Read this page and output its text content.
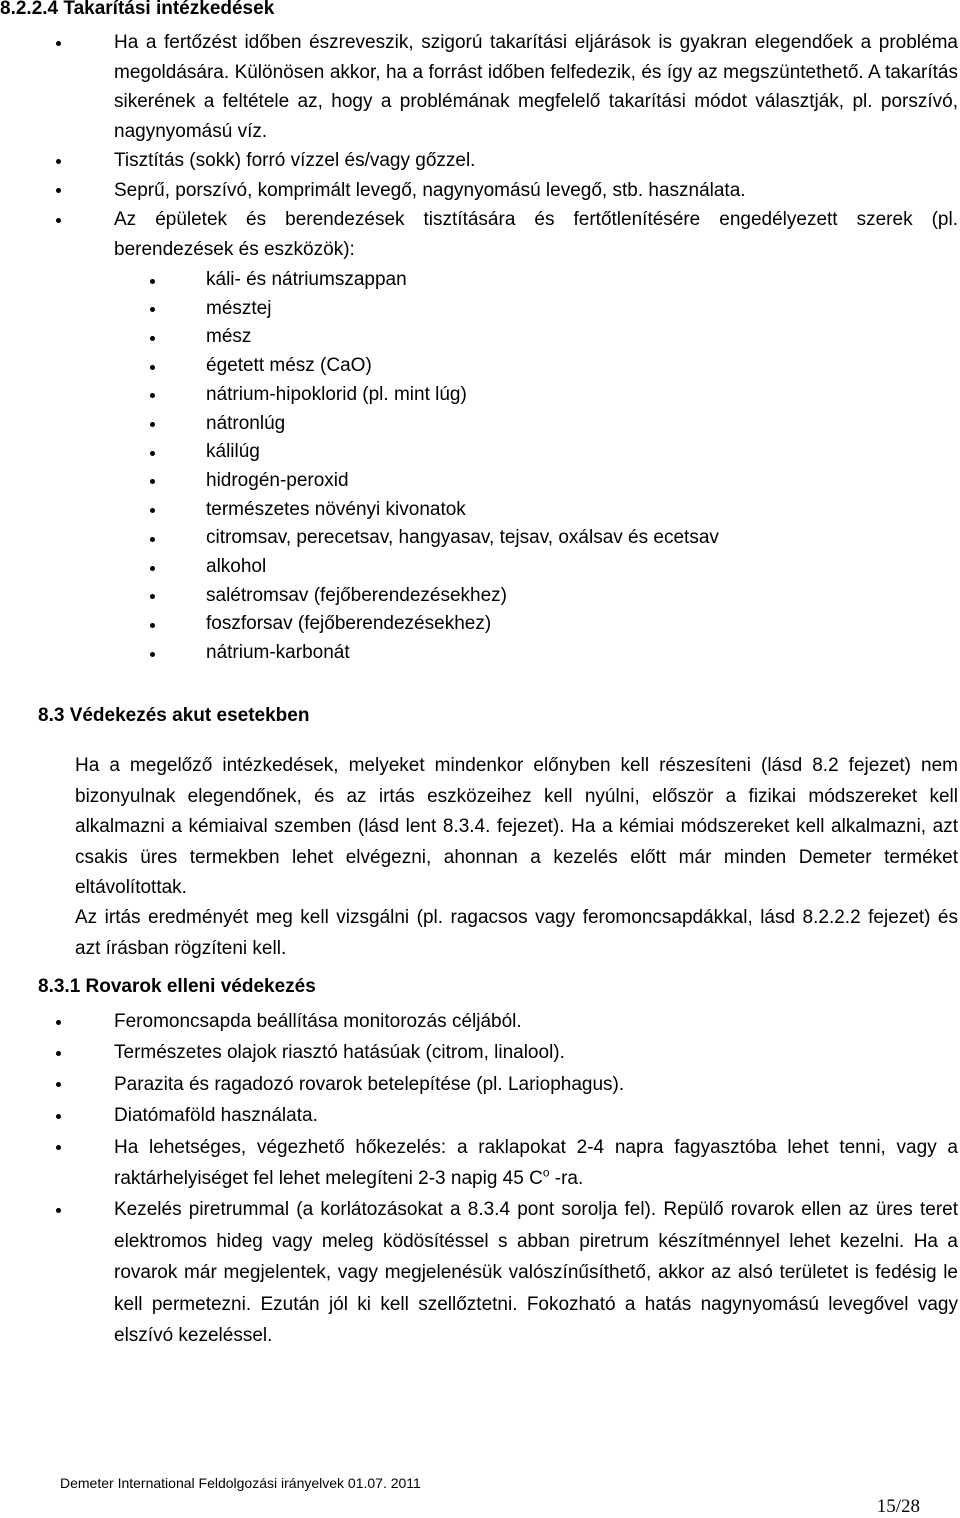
8.2.2.4 Takarítási intézkedések
Ha a fertőzést időben észreveszik, szigorú takarítási eljárások is gyakran elegendőek a probléma megoldására. Különösen akkor, ha a forrást időben felfedezik, és így az megszüntethető. A takarítás sikerének a feltétele az, hogy a problémának megfelelő takarítási módot választják, pl. porszívó, nagynyomású víz.
Tisztítás (sokk) forró vízzel és/vagy gőzzel.
Seprű, porszívó, komprimált levegő, nagynyomású levegő, stb. használata.
Az épületek és berendezések tisztítására és fertőtlenítésére engedélyezett szerek (pl. berendezések és eszközök):
káli- és nátriumszappan
mésztej
mész
égetett mész (CaO)
nátrium-hipoklorid (pl. mint lúg)
nátronlúg
kálilúg
hidrogén-peroxid
természetes növényi kivonatok
citromsav, perecetsav, hangyasav, tejsav, oxálsav és ecetsav
alkohol
salétromsav (fejőberendezésekhez)
foszforsav (fejőberendezésekhez)
nátrium-karbonát
8.3 Védekezés akut esetekben

Ha a megelőző intézkedések, melyeket mindenkor előnyben kell részesíteni (lásd 8.2 fejezet) nem bizonyulnak elegendőnek, és az irtás eszközeihez kell nyúlni, először a fizikai módszereket kell alkalmazni a kémiaival szemben (lásd lent 8.3.4. fejezet). Ha a kémiai módszereket kell alkalmazni, azt csakis üres termekben lehet elvégezni, ahonnan a kezelés előtt már minden Demeter terméket eltávolítottak.

Az irtás eredményét meg kell vizsgálni (pl. ragacsos vagy feromoncsapdákkal, lásd 8.2.2.2 fejezet) és azt írásban rögzíteni kell.

8.3.1 Rovarok elleni védekezés
Feromoncsapda beállítása monitorozás céljából.
Természetes olajok riasztó hatásúak (citrom, linalool).
Parazita és ragadozó rovarok betelepítése (pl. Lariophagus).
Diatómaföld használata.
Ha lehetséges, végezhető hőkezelés: a raklapokat 2-4 napra fagyasztóba lehet tenni, vagy a raktárhelyiséget fel lehet melegíteni 2-3 napig 45 $C^o$ -ra.
Kezelés piretrummal (a korlátozásokat a 8.3.4 pont sorolja fel). Repülő rovarok ellen az üres teret elektromos hideg vagy meleg ködösítéssel s abban piretrum készítménnyel lehet kezelni. Ha a rovarok már megjelentek, vagy megjelenésük valószínűsíthető, akkor az alsó területet is fedésig le kell permetezni. Ezután jól ki kell szellőztetni. Fokozható a hatás nagynyomású levegővel vagy elszívó kezeléssel.
Demeter International Feldolgozási irányelvek 01.07. 2011
15/28
